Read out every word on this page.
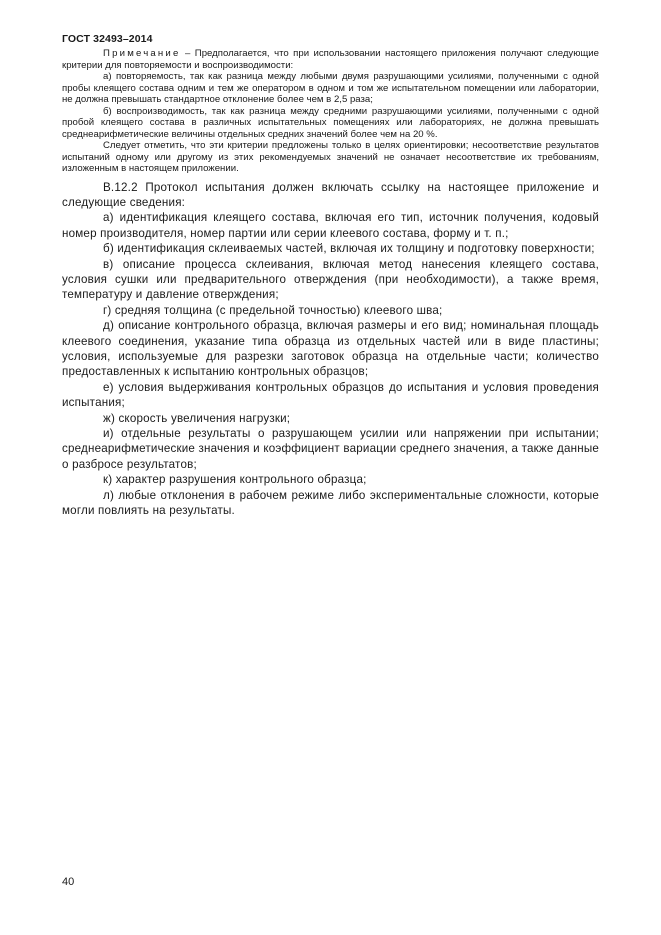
ГОСТ 32493–2014

Примечание – Предполагается, что при использовании настоящего приложения получают следующие критерии для повторяемости и воспроизводимости:

а) повторяемость, так как разница между любыми двумя разрушающими усилиями, полученными с одной пробы клеящего состава одним и тем же оператором в одном и том же испытательном помещении или лаборатории, не должна превышать стандартное отклонение более чем в 2,5 раза;

б) воспроизводимость, так как разница между средними разрушающими усилиями, полученными с одной пробой клеящего состава в различных испытательных помещениях или лабораториях, не должна превышать среднеарифметические величины отдельных средних значений более чем на 20 %.

Следует отметить, что эти критерии предложены только в целях ориентировки; несоответствие результатов испытаний одному или другому из этих рекомендуемых значений не означает несоответствие их требованиям, изложенным в настоящем приложении.

В.12.2 Протокол испытания должен включать ссылку на настоящее приложение и следующие сведения:

а) идентификация клеящего состава, включая его тип, источник получения, кодовый номер производителя, номер партии или серии клеевого состава, форму и т. п.;

б) идентификация склеиваемых частей, включая их толщину и подготовку поверхности;

в) описание процесса склеивания, включая метод нанесения клеящего состава, условия сушки или предварительного отверждения (при необходимости), а также время, температуру и давление отверждения;

г) средняя толщина (с предельной точностью) клеевого шва;

д) описание контрольного образца, включая размеры и его вид; номинальная площадь клеевого соединения, указание типа образца из отдельных частей или в виде пластины; условия, используемые для разрезки заготовок образца на отдельные части; количество предоставленных к испытанию контрольных образцов;

е) условия выдерживания контрольных образцов до испытания и условия проведения испытания;

ж) скорость увеличения нагрузки;

и) отдельные результаты о разрушающем усилии или напряжении при испытании; среднеарифметические значения и коэффициент вариации среднего значения, а также данные о разбросе результатов;

к) характер разрушения контрольного образца;

л) любые отклонения в рабочем режиме либо экспериментальные сложности, которые могли повлиять на результаты.

40
